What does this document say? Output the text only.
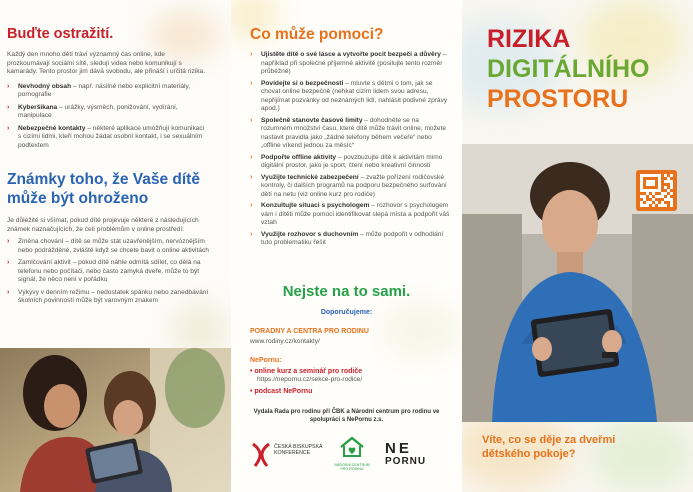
Buďte ostražití.

Každý den mnoho dětí tráví významný čas online, kde prozkoumávají sociální sítě, sledují videa nebo komunikují s kamarády. Tento prostor jim dává svobodu, ale přináší i určitá rizika.

› Nevhodný obsah – např. násilné nebo explicitní materiály, pornografie
› Kyberšikana – urážky, výsměch, ponižování, vydírání, manipulace
› Nebezpečné kontakty – některé aplikace umožňují komunikaci s cizími lidmi, kteří mohou žádat osobní kontakt, i se sexuálním podtextem
Známky toho, že Vaše dítě může být ohroženo

Je důležité si všímat, pokud dítě projevuje některé z následujících známek naznačujících, že čelí problémům v online prostředí:

› Změna chování – dítě se může stát uzavřenějším, nervóznějším nebo podrážděné, zvláště když se chcete bavit o online aktivitách
› Zamlčování aktivit – pokud dítě náhle odmítá sdílet, co dělá na telefonu nebo počítači, nebo často zamyká dveře, může to být signál, že něco není v pořádku
› Výkyvy v denním režimu – nedostatek spánku nebo zanedbávání školních povinností může být varovným znakem
Co může pomoci?
› Ujistěte dítě o své lásce a vytvořte pocit bezpečí a důvěry – například při společné příjemné aktivitě (posilujte tento rozměr průběžně)
› Povídejte si o bezpečnosti – mluvte s dětmi o tom, jak se chovat online bezpečně (nehkat cizím lidem svou adresu, nepřijímat pozvánky od neznámých lidí, nahlásit podivné zprávy apod.)
› Společně stanovte časové limity – dohodněte se na rozumném množství času, které dítě může trávit online, možete nastavit pravidla jako „žádné telefony během večeře“ nebo „offline víkend jednou za měsíc“
› Podpořte offline aktivity – povzbuzujte dítě k aktivitám mimo digitální prostor, jako je sport, čtení nebo kreativní činnosti
› Využijte technické zabezpečení – zvažte pořízení rodičovské kontroly, či dalších programů na podporu bezpečného surfování dětí na netu (viz online kurz pro rodiče)
› Konzultujte situaci s psychologem – rozhovor s psychologem vám i dítěti může pomoci identifikovat slepá místa a podpořit váš vztah
› Využijte rozhovor s duchovním – může podpořit v odhodlání tuto problematiku řešit
Nejste na to sami.
Doporučujeme:
PORADNY A CENTRA PRO RODINU
www.rodiny.cz/kontakty/
NePornu:
• online kurz a seminář pro rodiče
https://nepornu.cz/sekce-pro-rodice/
• podcast NePornu
Vydala Rada pro rodinu při ČBK a Národní centrum pro rodinu ve spolupráci s NePornu z.s.
ČESKÁ BISKUPSKÁ KONFERENCE
NÁRODNÍ CENTRUM PRO RODINU
NE
PORNU
RIZIKA
DIGITÁLNÍHO
PROSTORU
Víte, co se děje za dveřmi
dětského pokoje?
